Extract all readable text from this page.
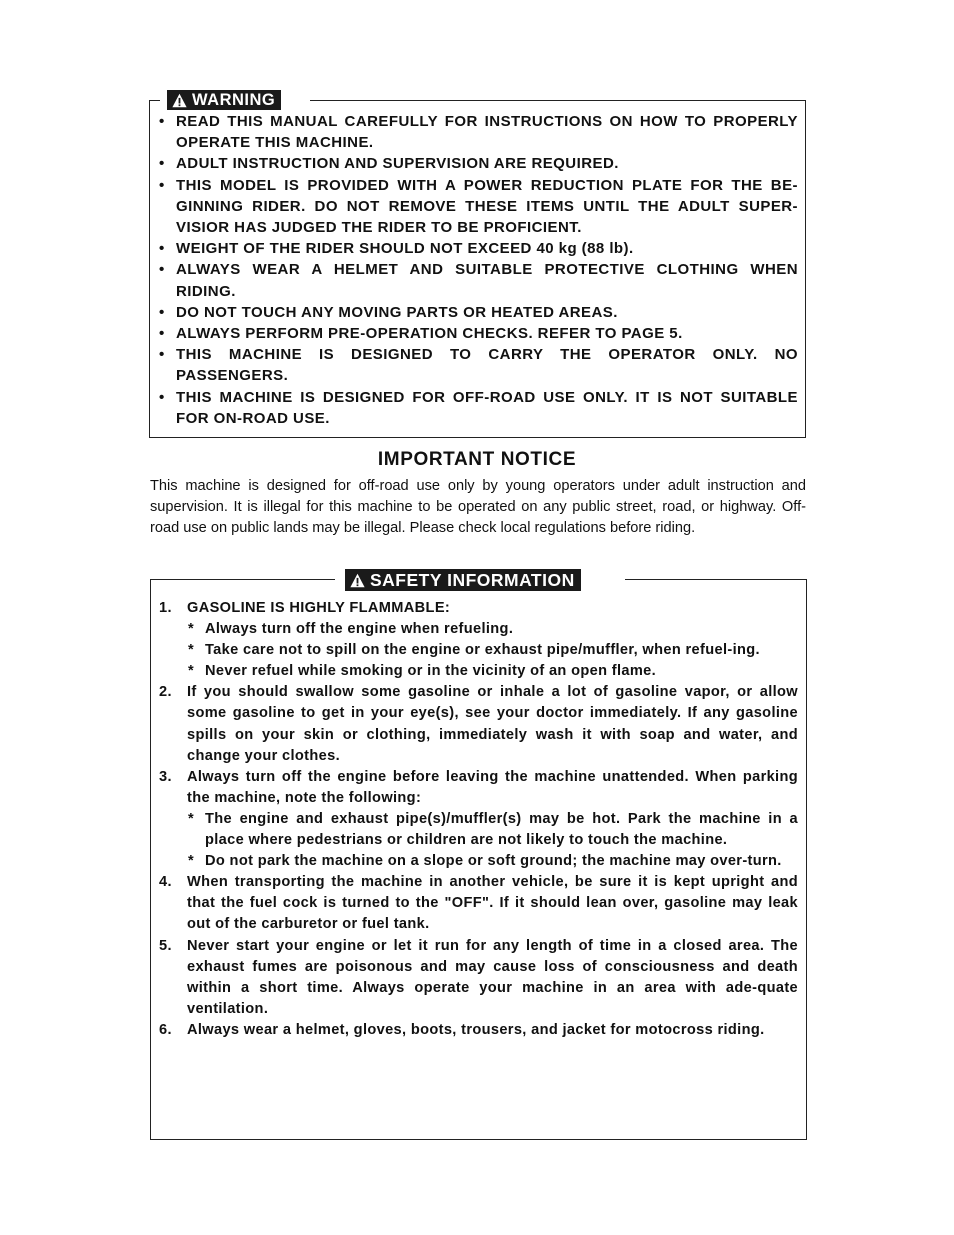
WARNING
• READ THIS MANUAL CAREFULLY FOR INSTRUCTIONS ON HOW TO PROPERLY OPERATE THIS MACHINE.
• ADULT INSTRUCTION AND SUPERVISION ARE REQUIRED.
• THIS MODEL IS PROVIDED WITH A POWER REDUCTION PLATE FOR THE BE-GINNING RIDER. DO NOT REMOVE THESE ITEMS UNTIL THE ADULT SUPER-VISIOR HAS JUDGED THE RIDER TO BE PROFICIENT.
• WEIGHT OF THE RIDER SHOULD NOT EXCEED 40 kg (88 lb).
• ALWAYS WEAR A HELMET AND SUITABLE PROTECTIVE CLOTHING WHEN RIDING.
• DO NOT TOUCH ANY MOVING PARTS OR HEATED AREAS.
• ALWAYS PERFORM PRE-OPERATION CHECKS. REFER TO PAGE 5.
• THIS MACHINE IS DESIGNED TO CARRY THE OPERATOR ONLY. NO PASSENGERS.
• THIS MACHINE IS DESIGNED FOR OFF-ROAD USE ONLY. IT IS NOT SUITABLE FOR ON-ROAD USE.
IMPORTANT NOTICE
This machine is designed for off-road use only by young operators under adult instruction and supervision. It is illegal for this machine to be operated on any public street, road, or highway. Off-road use on public lands may be illegal. Please check local regulations before riding.
SAFETY INFORMATION
1. GASOLINE IS HIGHLY FLAMMABLE:
* Always turn off the engine when refueling.
* Take care not to spill on the engine or exhaust pipe/muffler, when refuel-ing.
* Never refuel while smoking or in the vicinity of an open flame.
2. If you should swallow some gasoline or inhale a lot of gasoline vapor, or allow some gasoline to get in your eye(s), see your doctor immediately. If any gasoline spills on your skin or clothing, immediately wash it with soap and water, and change your clothes.
3. Always turn off the engine before leaving the machine unattended. When parking the machine, note the following:
* The engine and exhaust pipe(s)/muffler(s) may be hot. Park the machine in a place where pedestrians or children are not likely to touch the machine.
* Do not park the machine on a slope or soft ground; the machine may over-turn.
4. When transporting the machine in another vehicle, be sure it is kept upright and that the fuel cock is turned to the "OFF". If it should lean over, gasoline may leak out of the carburetor or fuel tank.
5. Never start your engine or let it run for any length of time in a closed area. The exhaust fumes are poisonous and may cause loss of consciousness and death within a short time. Always operate your machine in an area with ade-quate ventilation.
6. Always wear a helmet, gloves, boots, trousers, and jacket for motocross riding.
